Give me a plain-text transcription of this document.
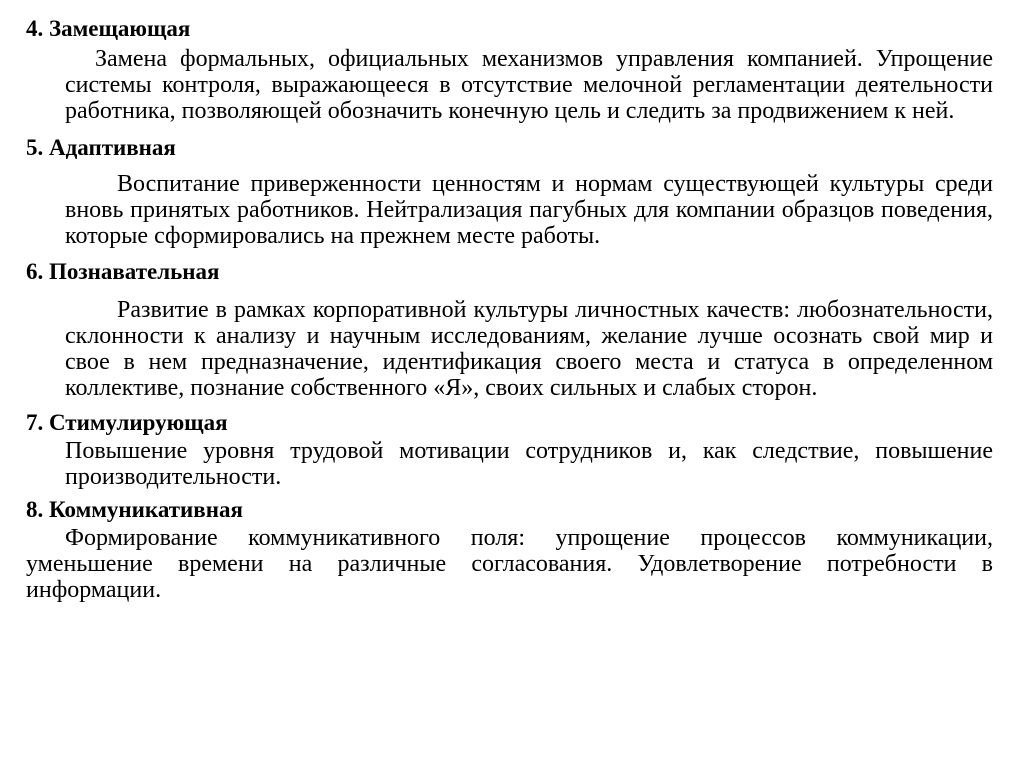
4. Замещающая

Замена формальных, официальных механизмов управления компанией. Упрощение системы контроля, выражающееся в отсутствие мелочной регламентации деятельности работника, позволяющей обозначить конечную цель и следить за продвижением к ней.

5. Адаптивная

Воспитание приверженности ценностям и нормам существующей культуры среди вновь принятых работников. Нейтрализация пагубных для компании образцов поведения, которые сформировались на прежнем месте работы.

6. Познавательная

Развитие в рамках корпоративной культуры личностных качеств: любознательности, склонности к анализу и научным исследованиям, желание лучше осознать свой мир и свое в нем предназначение, идентификация своего места и статуса в определенном коллективе, познание собственного «Я», своих сильных и слабых сторон.

7. Стимулирующая

Повышение уровня трудовой мотивации сотрудников и, как следствие, повышение производительности.

8. Коммуникативная

Формирование коммуникативного поля: упрощение процессов коммуникации, уменьшение времени на различные согласования. Удовлетворение потребности в информации.
